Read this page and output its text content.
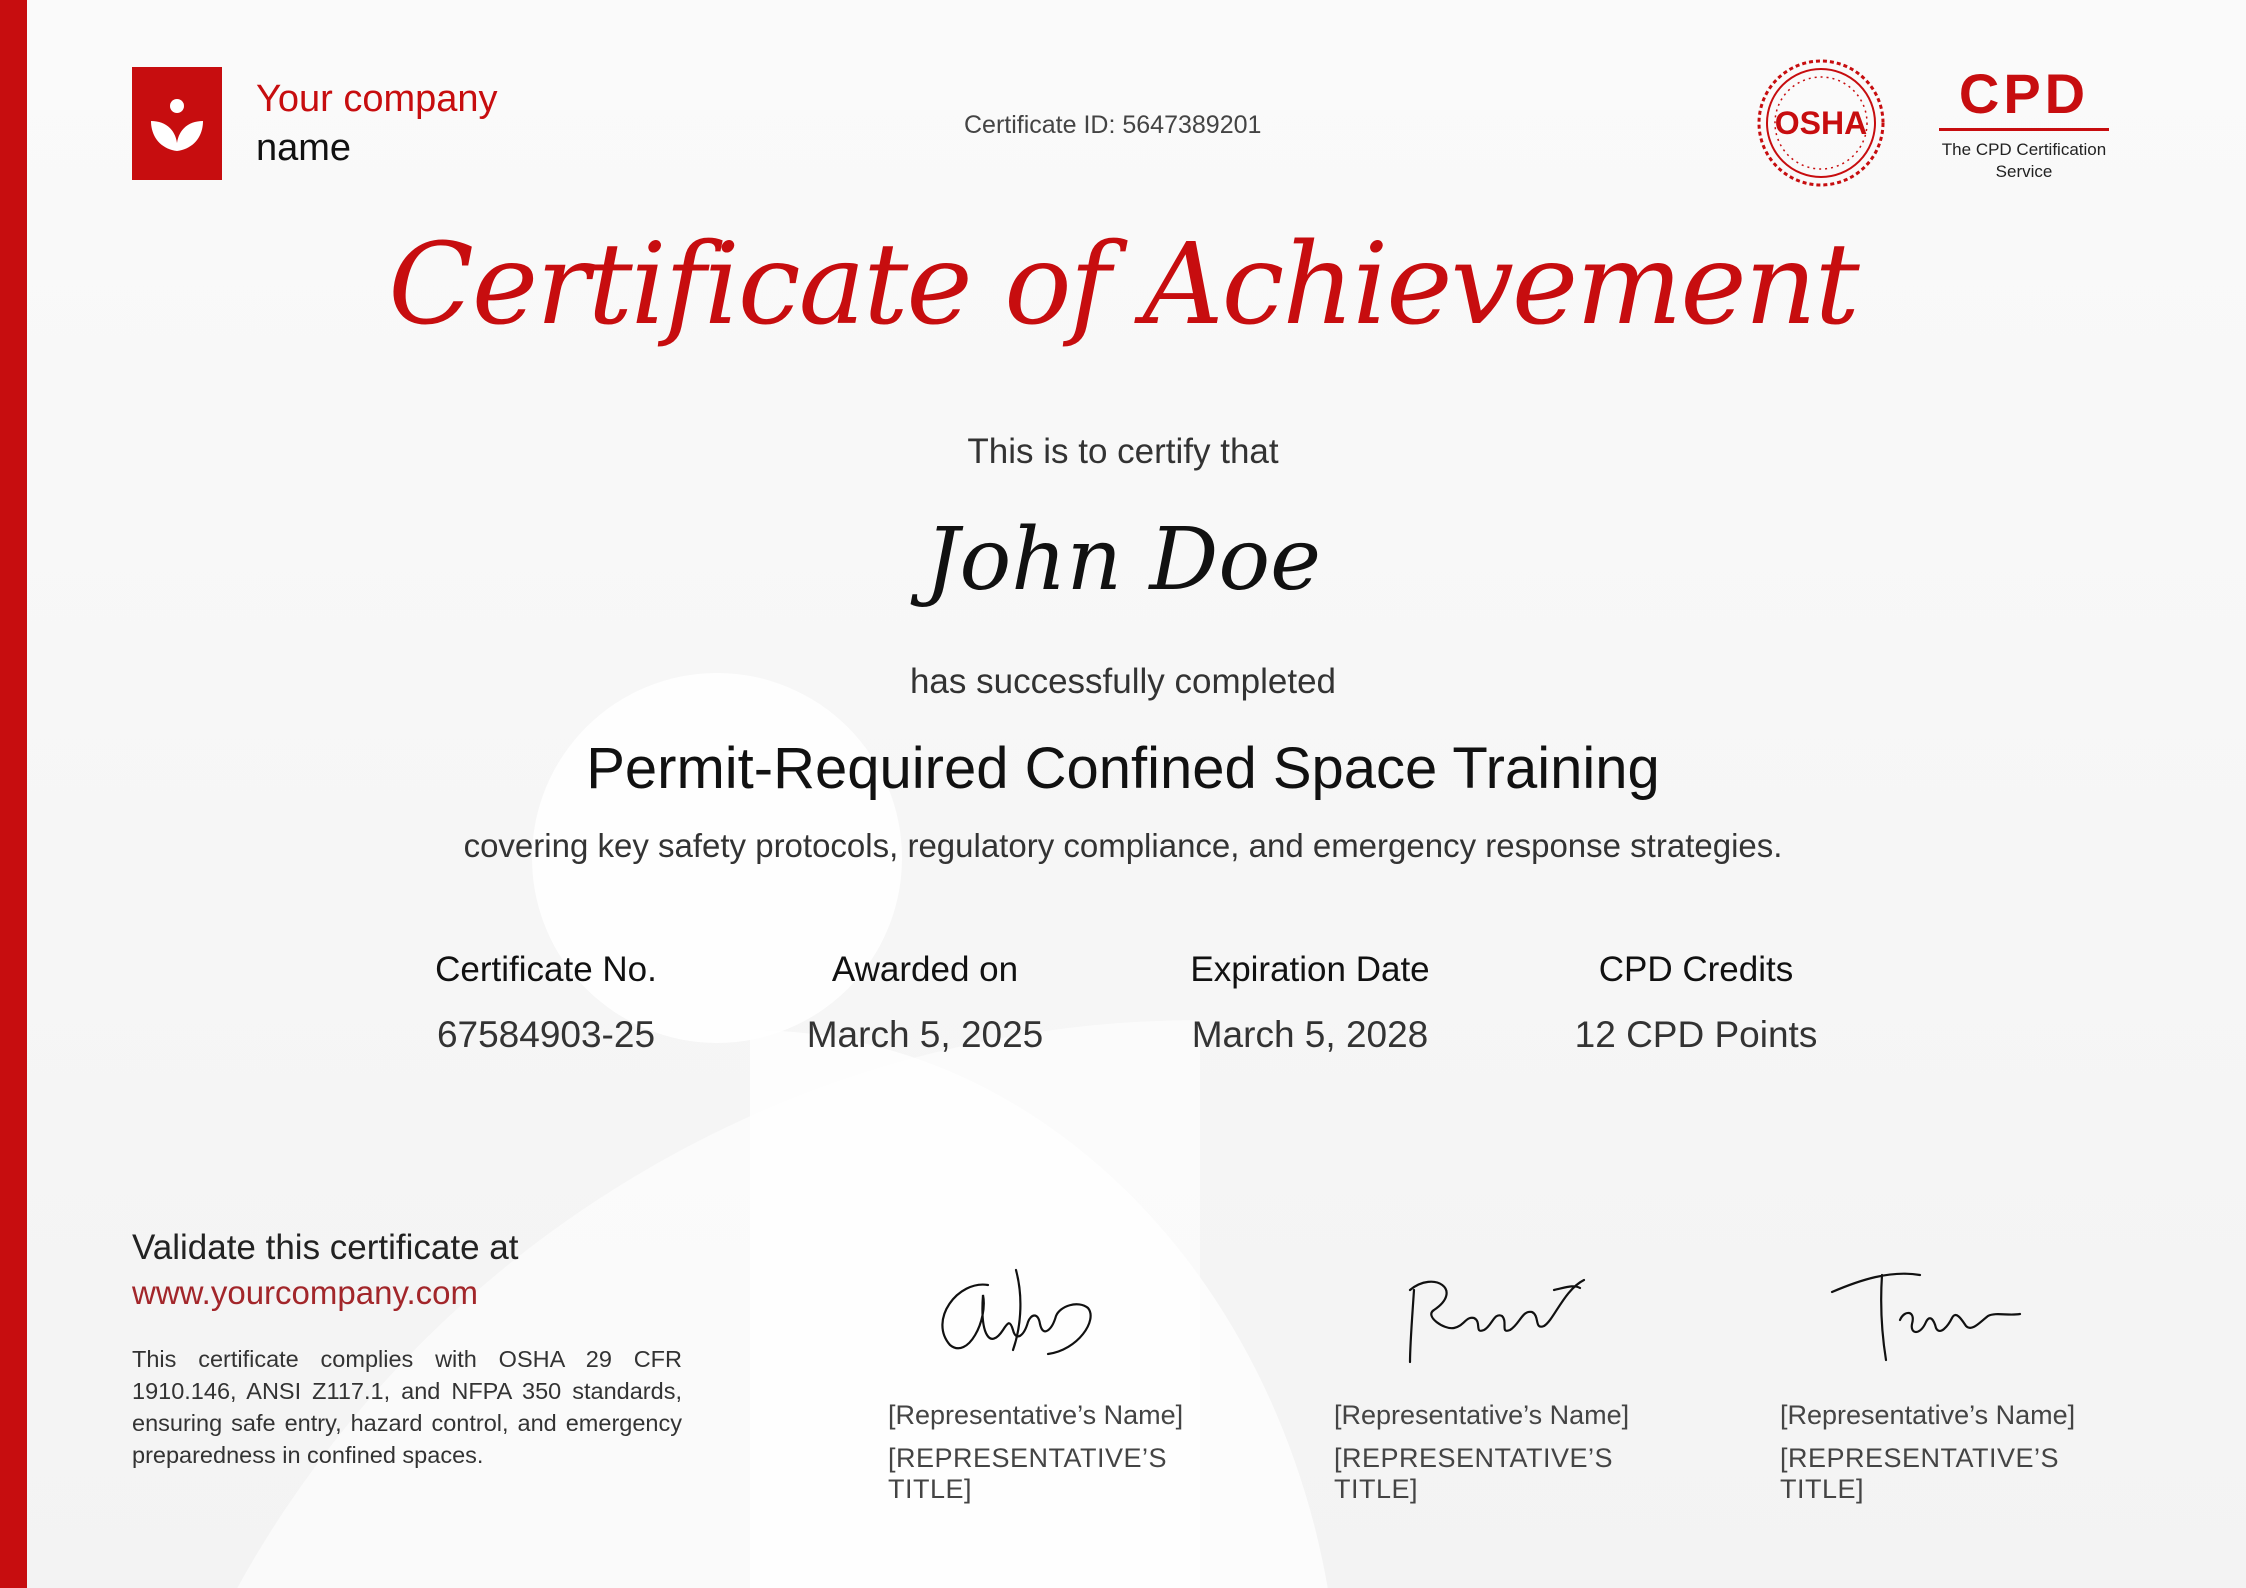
Your company
name
Certificate ID: 5647389201	OSHA	CPD
The CPD Certification Service
Certificate of Achievement
This is to certify that
John Doe
has successfully completed
Permit-Required Confined Space Training
covering key safety protocols, regulatory compliance, and emergency response strategies.
Certificate No.
67584903-25
Awarded on
March 5, 2025
Expiration Date
March 5, 2028
CPD Credits
12 CPD Points
Validate this certificate at
www.yourcompany.com
This certificate complies with OSHA 29 CFR 1910.146, ANSI Z117.1, and NFPA 350 standards, ensuring safe entry, hazard control, and emergency preparedness in confined spaces.
[Representative’s Name]
[REPRESENTATIVE’S TITLE]
[Representative’s Name]
[REPRESENTATIVE’S TITLE]
[Representative’s Name]
[REPRESENTATIVE’S TITLE]
